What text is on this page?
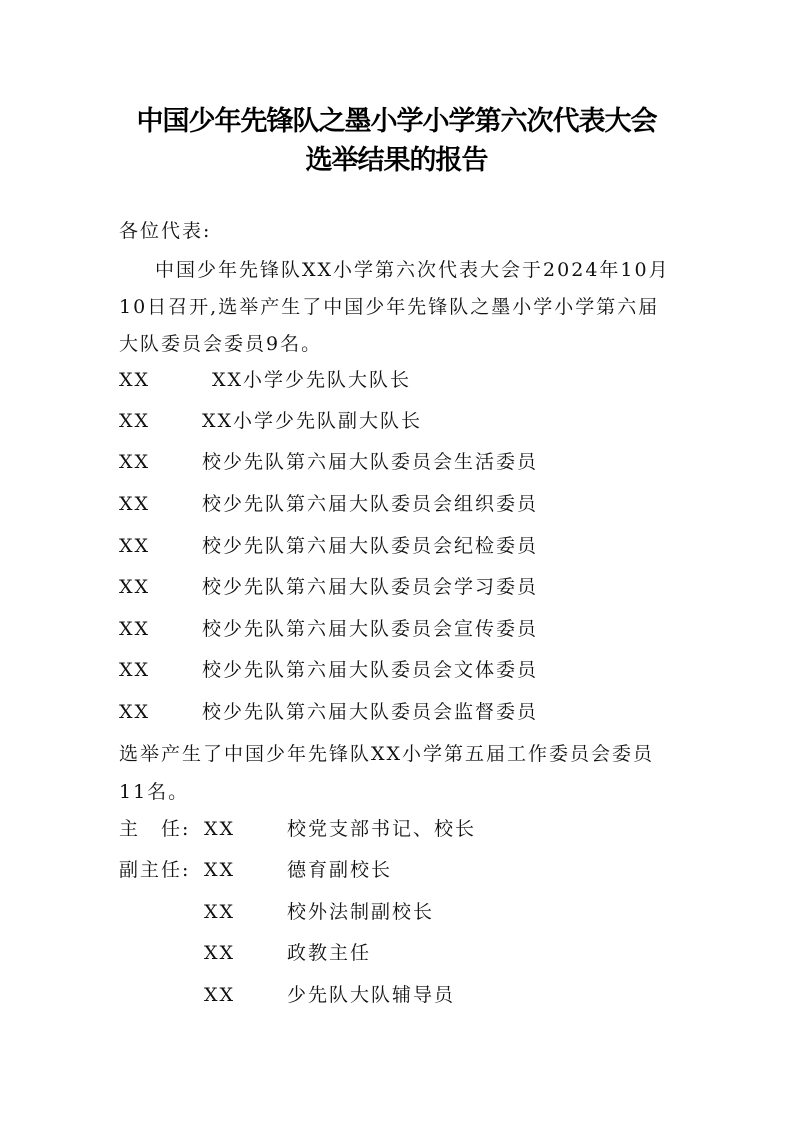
中国少年先锋队之墨小学小学第六次代表大会
选举结果的报告
各位代表:
中国少年先锋队XX小学第六次代表大会于2024年10月
10日召开,选举产生了中国少年先锋队之墨小学小学第六届
大队委员会委员9名。
XX	XX小学少先队大队长
XX	XX小学少先队副大队长
XX	校少先队第六届大队委员会生活委员
XX	校少先队第六届大队委员会组织委员
XX	校少先队第六届大队委员会纪检委员
XX	校少先队第六届大队委员会学习委员
XX	校少先队第六届大队委员会宣传委员
XX	校少先队第六届大队委员会文体委员
XX	校少先队第六届大队委员会监督委员
选举产生了中国少年先锋队XX小学第五届工作委员会委员
11名。
主　任: XX	校党支部书记、校长
副主任: XX	德育副校长
XX	校外法制副校长
XX	政教主任
XX	少先队大队辅导员
